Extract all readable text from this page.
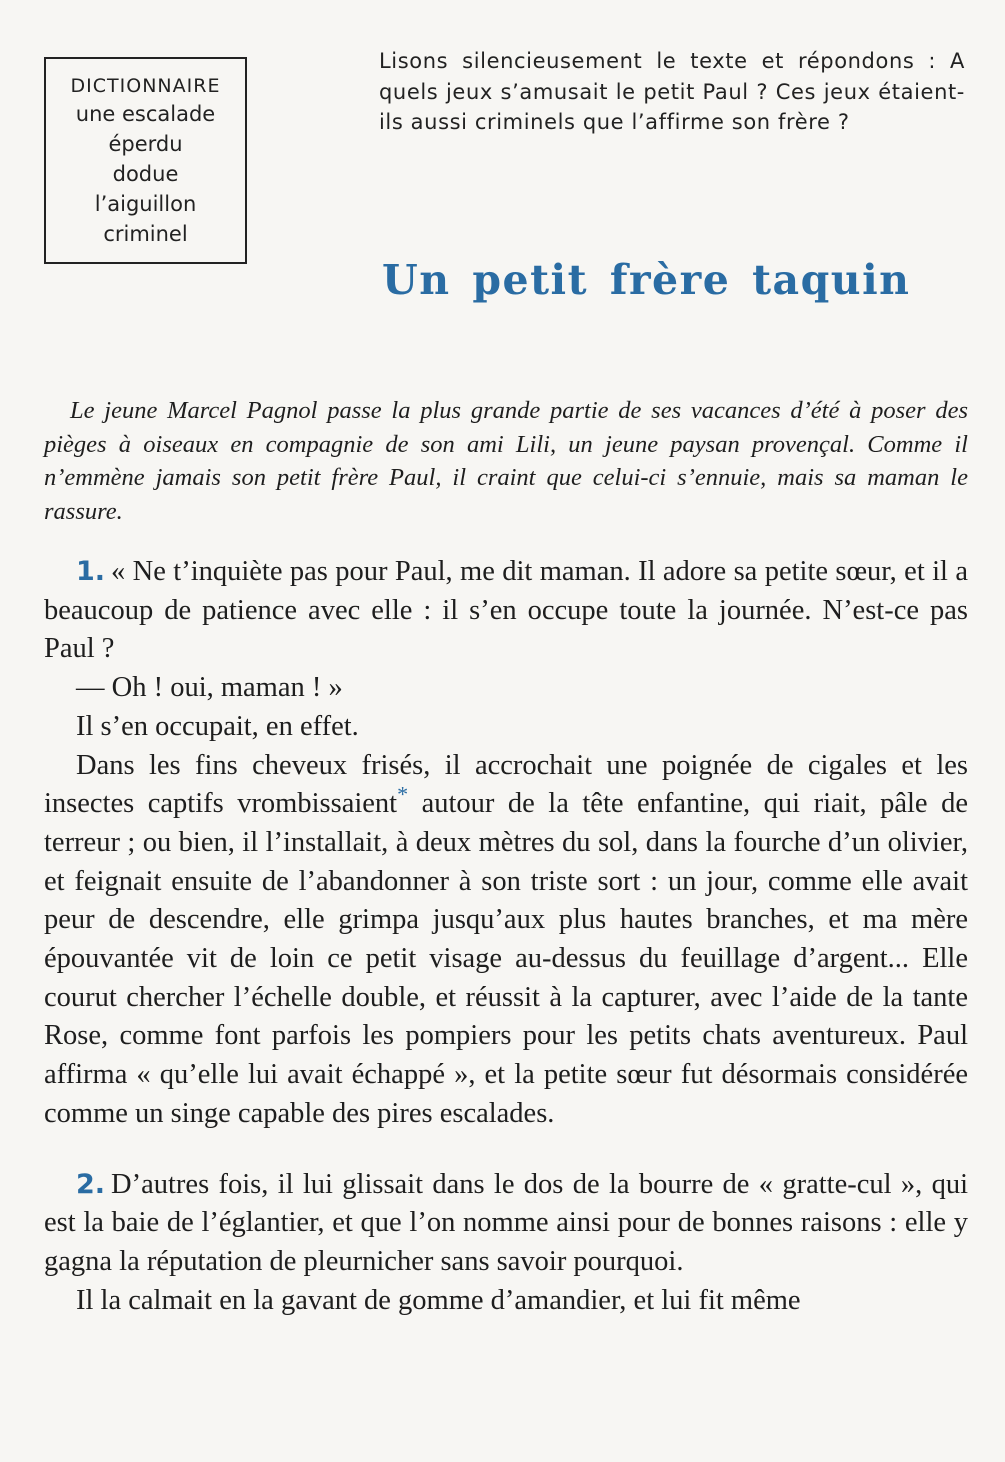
DICTIONNAIRE
une escalade
éperdu
dodue
l’aiguillon
criminel
Lisons silencieusement le texte et répondons : A quels jeux s’amusait le petit Paul ? Ces jeux étaient-ils aussi criminels que l’affirme son frère ?
Un petit frère taquin
Le jeune Marcel Pagnol passe la plus grande partie de ses vacances d’été à poser des pièges à oiseaux en compagnie de son ami Lili, un jeune paysan provençal. Comme il n’emmène jamais son petit frère Paul, il craint que celui-ci s’ennuie, mais sa maman le rassure.

1. « Ne t’inquiète pas pour Paul, me dit maman. Il adore sa petite sœur, et il a beaucoup de patience avec elle : il s’en occupe toute la journée. N’est-ce pas Paul ?

— Oh ! oui, maman ! »

Il s’en occupait, en effet.

Dans les fins cheveux frisés, il accrochait une poignée de cigales et les insectes captifs vrombissaient* autour de la tête enfantine, qui riait, pâle de terreur ; ou bien, il l’installait, à deux mètres du sol, dans la fourche d’un olivier, et feignait ensuite de l’abandonner à son triste sort : un jour, comme elle avait peur de descendre, elle grimpa jusqu’aux plus hautes branches, et ma mère épouvantée vit de loin ce petit visage au-dessus du feuillage d’argent... Elle courut chercher l’échelle double, et réussit à la capturer, avec l’aide de la tante Rose, comme font parfois les pompiers pour les petits chats aventureux. Paul affirma « qu’elle lui avait échappé », et la petite sœur fut désormais considérée comme un singe capable des pires escalades.

2. D’autres fois, il lui glissait dans le dos de la bourre de « gratte-cul », qui est la baie de l’églantier, et que l’on nomme ainsi pour de bonnes raisons : elle y gagna la réputation de pleurnicher sans savoir pourquoi.

Il la calmait en la gavant de gomme d’amandier, et lui fit même
